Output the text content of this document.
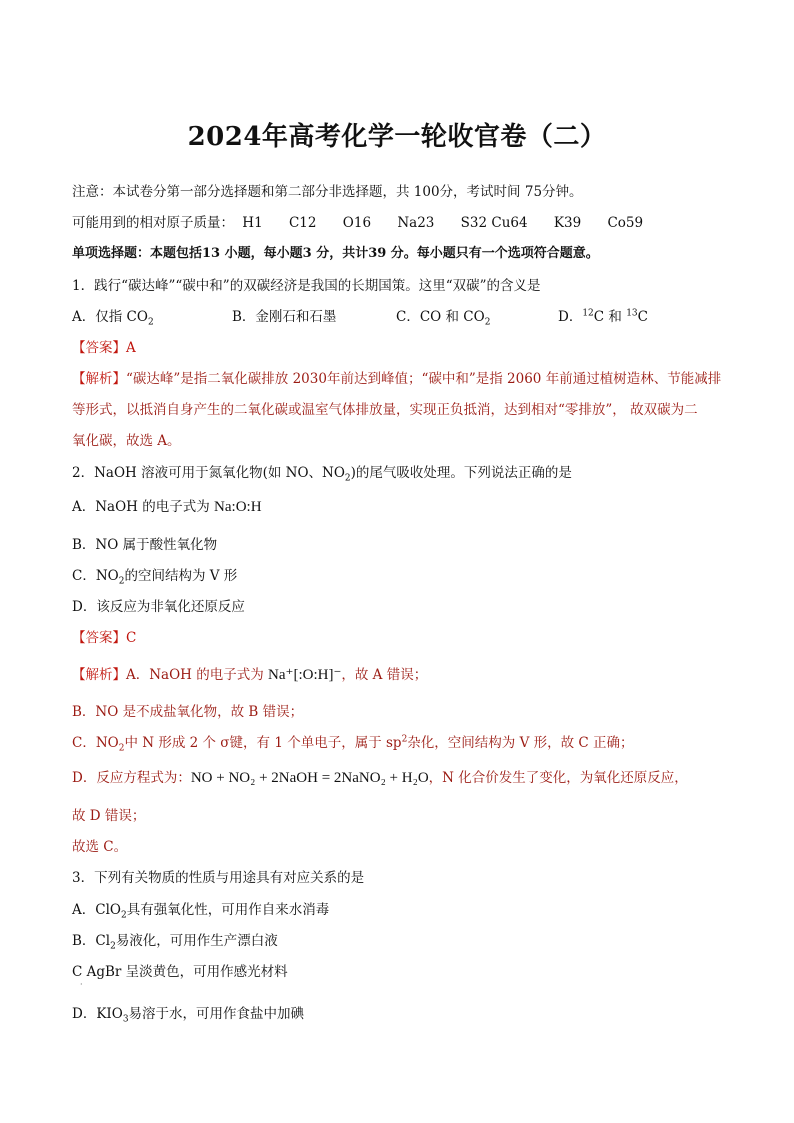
2024年高考化学一轮收官卷（二）
注意：本试卷分第一部分选择题和第二部分非选择题，共 100分，考试时间 75分钟。
可能用到的相对原子质量： H1 C12 O16 Na23 S32 Cu64 K39 Co59
单项选择题：本题包括13 小题，每小题3 分，共计39 分。每小题只有一个选项符合题意。
1．践行“碳达峰”“碳中和”的双碳经济是我国的长期国策。这里“双碳”的含义是
A．仅指 $CO_2$	B．金刚石和石墨	C．CO 和 $CO_2$	D．$^{12}$C 和 $^{13}$C
【答案】A
【解析】“碳达峰”是指二氧化碳排放 2030年前达到峰值；“碳中和”是指 2060 年前通过植树造林、节能减排
等形式，以抵消自身产生的二氧化碳或温室气体排放量，实现正负抵消，达到相对“零排放”， 故双碳为二
氧化碳，故选 A。
2．NaOH 溶液可用于氮氧化物(如 NO、$NO_2$)的尾气吸收处理。下列说法正确的是
A．NaOH 的电子式为 Na:O:H
B．NO 属于酸性氧化物
C．$NO_2$的空间结构为 V 形
D．该反应为非氧化还原反应
【答案】C
【解析】A．NaOH 的电子式为 Na⁺[:O:H]⁻，故 A 错误；
B．NO 是不成盐氧化物，故 B 错误；
C．$NO_2$中 N 形成 2 个 σ键，有 1 个单电子，属于 $sp^2$杂化，空间结构为 V 形，故 C 正确；
D．反应方程式为：NO + NO₂ + 2NaOH = 2NaNO₂ + H₂O，N 化合价发生了变化，为氧化还原反应，
故 D 错误；
故选 C。
3．下列有关物质的性质与用途具有对应关系的是
A．ClO$_2$具有强氧化性，可用作自来水消毒
B．$Cl_2$易液化，可用作生产漂白液
C AgBr 呈淡黄色，可用作感光材料
·
D．$KIO_3$易溶于水，可用作食盐中加碘
